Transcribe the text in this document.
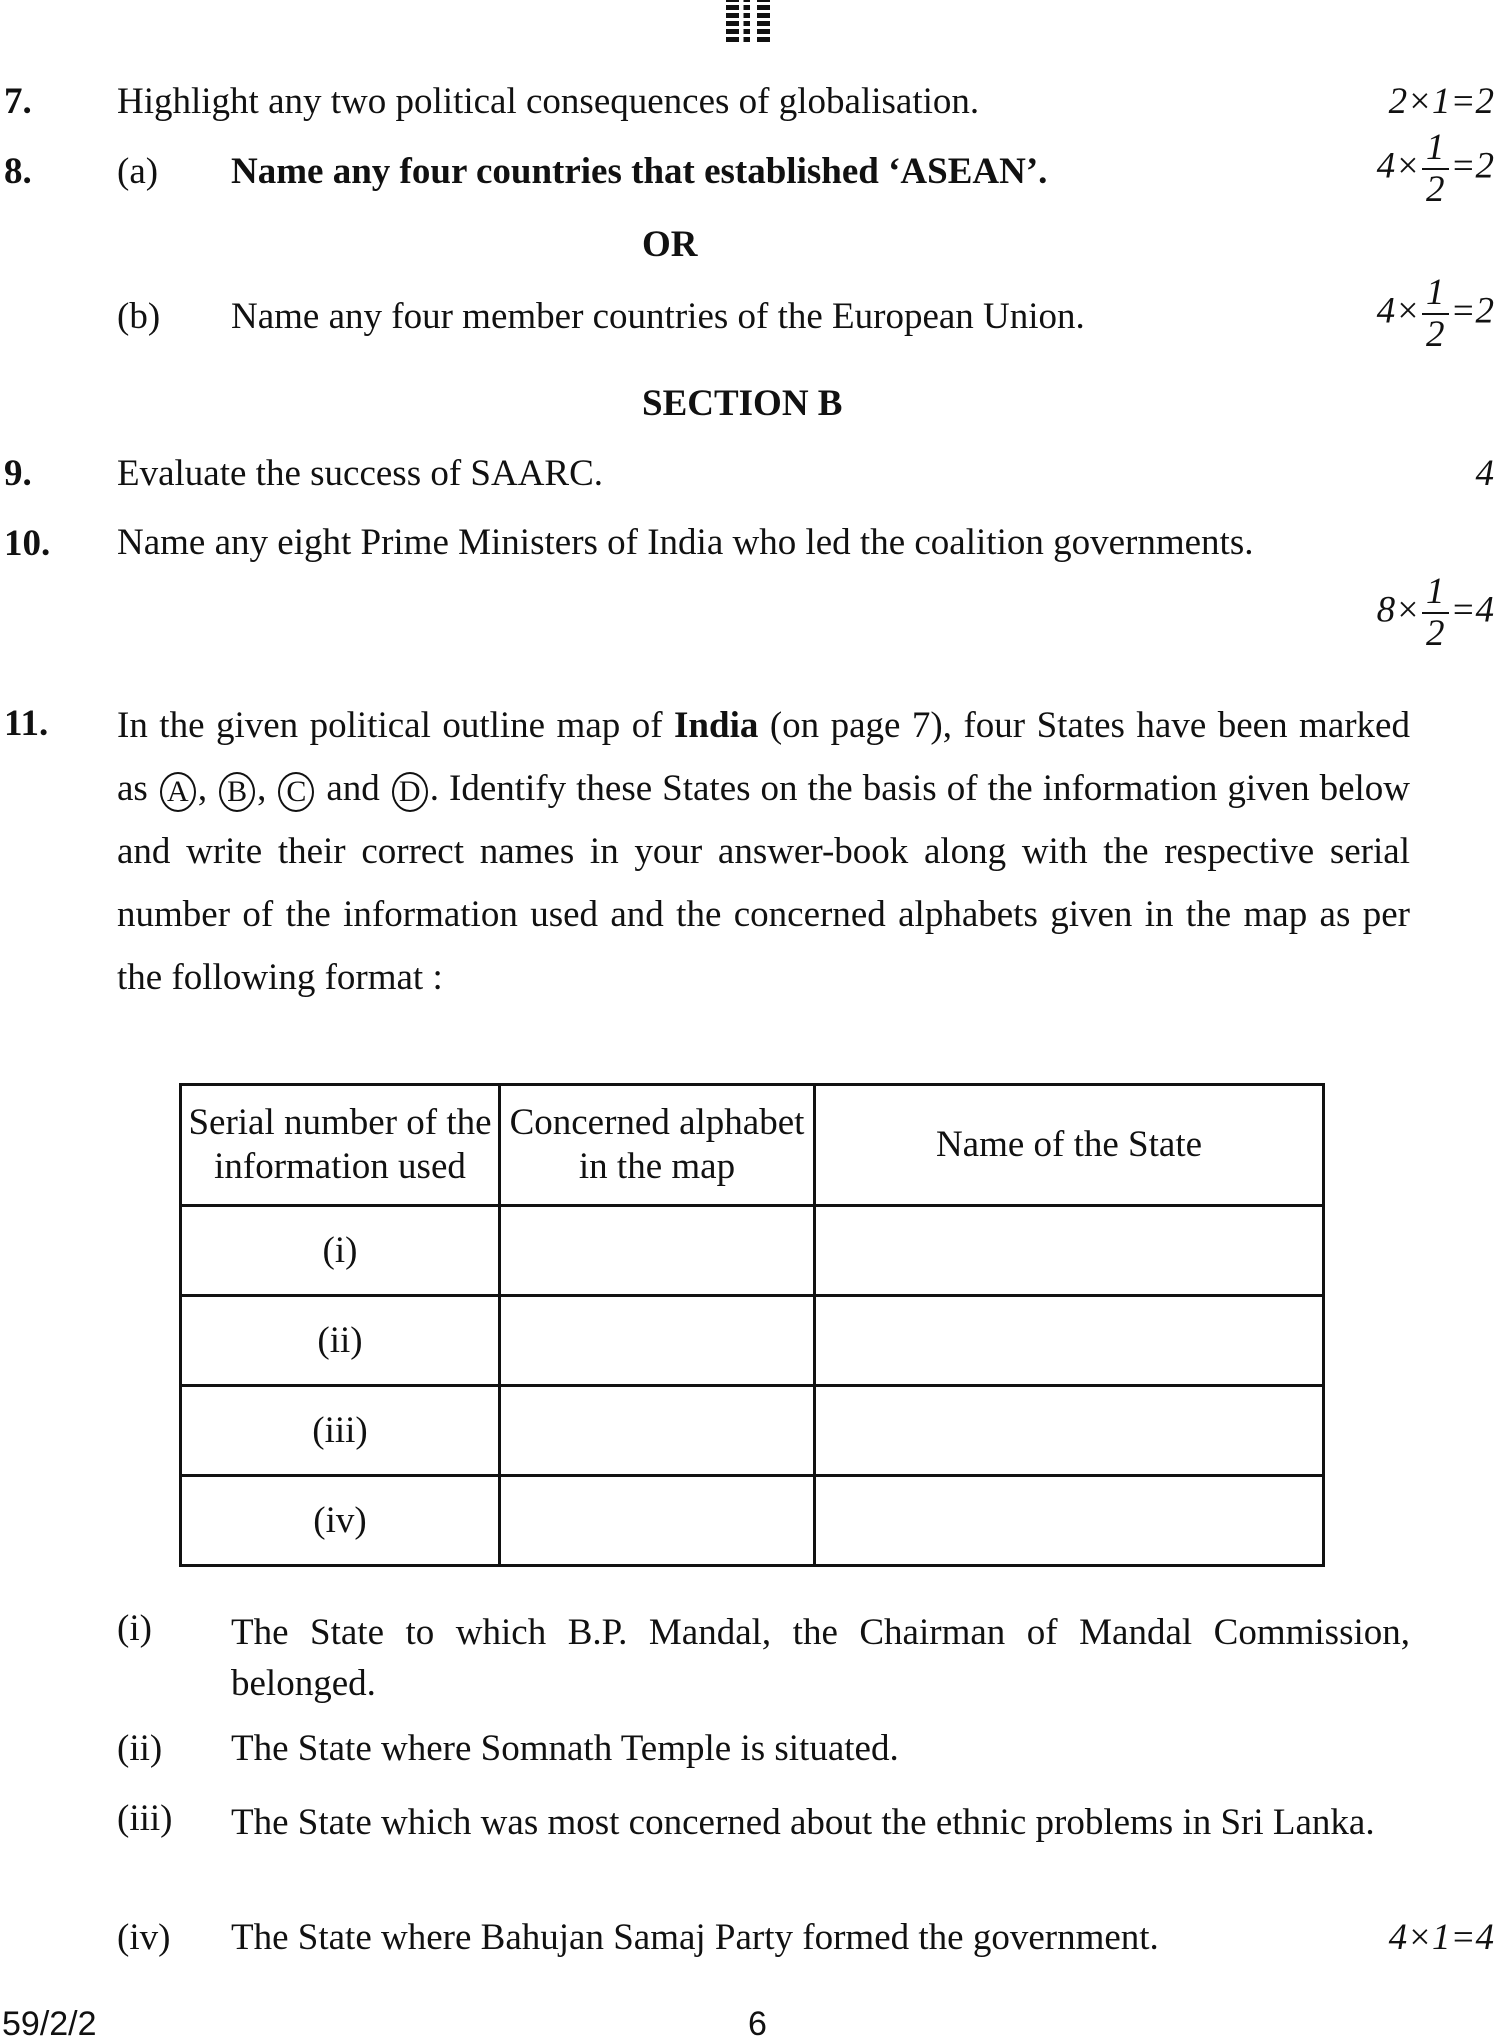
7. Highlight any two political consequences of globalisation.	2×1=2
8. (a) Name any four countries that established ‘ASEAN’.	$4\times \frac{1}{2} =2$
OR
(b) Name any four member countries of the European Union.	$4\times \frac{1}{2} =2$
SECTION B
9. Evaluate the success of SAARC.	4
10. Name any eight Prime Ministers of India who led the coalition governments.
$8\times \frac{1}{2} =4$
11. In the given political outline map of India (on page 7), four States have been marked as A , B , C and D . Identify these States on the basis of the information given below and write their correct names in your answer-book along with the respective serial number of the information used and the concerned alphabets given in the map as per the following format :
Serial number of the information used	Concerned alphabet in the map	Name of the State
(i)		
(ii)		
(iii)		
(iv)		
(i) The State to which B.P. Mandal, the Chairman of Mandal Commission, belonged.
(ii) The State where Somnath Temple is situated.
(iii) The State which was most concerned about the ethnic problems in Sri Lanka.
(iv) The State where Bahujan Samaj Party formed the government.	4×1=4
59/2/2	6
